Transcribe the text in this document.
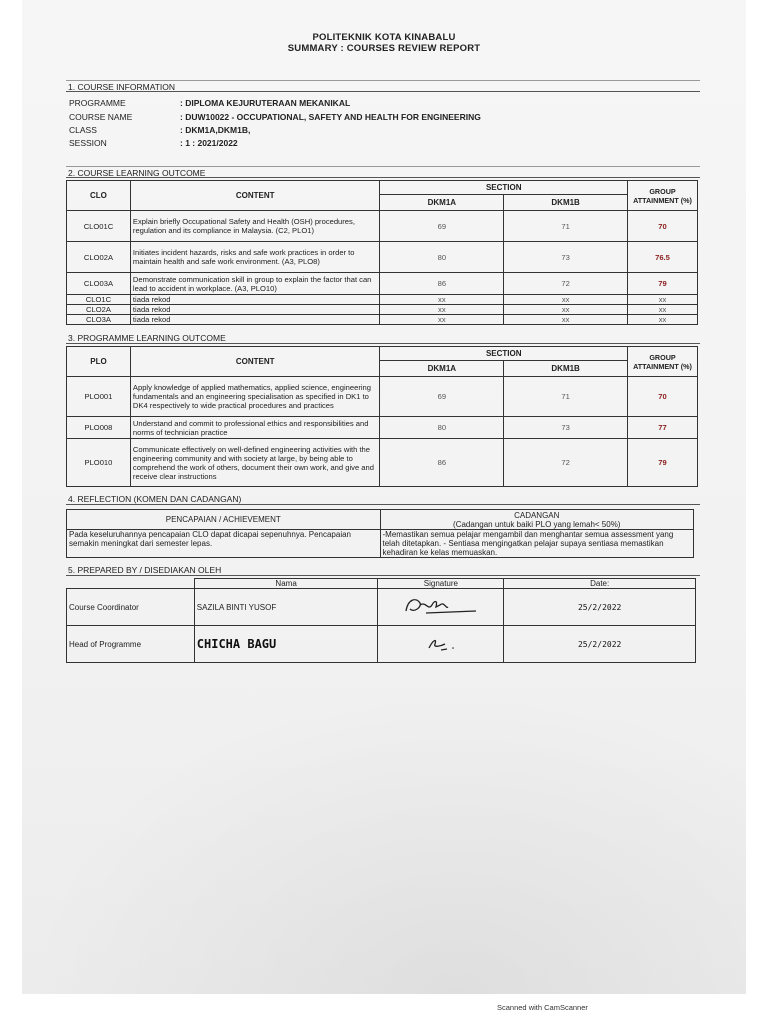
POLITEKNIK KOTA KINABALU
SUMMARY : COURSES REVIEW REPORT
1. COURSE INFORMATION
PROGRAMME	: DIPLOMA KEJURUTERAAN MEKANIKAL
COURSE NAME	: DUW10022 - OCCUPATIONAL, SAFETY AND HEALTH FOR ENGINEERING
CLASS	: DKM1A,DKM1B,
SESSION	: 1 : 2021/2022
2. COURSE LEARNING OUTCOME
CLO	CONTENT	SECTION		GROUP ATTAINMENT (%)
		DKM1A	DKM1B	
CLO01C	Explain briefly Occupational Safety and Health (OSH) procedures, regulation and its compliance in Malaysia. (C2, PLO1)	69	71	70
CLO02A	Initiates incident hazards, risks and safe work practices in order to maintain health and safe work environment. (A3, PLO8)	80	73	76.5
CLO03A	Demonstrate communication skill in group to explain the factor that can lead to accident in workplace. (A3, PLO10)	86	72	79
CLO1C	tiada rekod	xx	xx	xx
CLO2A	tiada rekod	xx	xx	xx
CLO3A	tiada rekod	xx	xx	xx
3. PROGRAMME LEARNING OUTCOME
PLO	CONTENT	SECTION		GROUP ATTAINMENT (%)
		DKM1A	DKM1B	
PLO001	Apply knowledge of applied mathematics, applied science, engineering fundamentals and an engineering specialisation as specified in DK1 to DK4 respectively to wide practical procedures and practices	69	71	70
PLO008	Understand and commit to professional ethics and responsibilities and norms of technician practice	80	73	77
PLO010	Communicate effectively on well-defined engineering activities with the engineering community and with society at large, by being able to comprehend the work of others, document their own work, and give and receive clear instructions	86	72	79
4. REFLECTION (KOMEN DAN CADANGAN)
PENCAPAIAN / ACHIEVEMENT	CADANGAN
(Cadangan untuk baiki PLO yang lemah< 50%)

Pada keseluruhannya pencapaian CLO dapat dicapai sepenuhnya. Pencapaian semakin meningkat dari semester lepas.	-Memastikan semua pelajar mengambil dan menghantar semua assessment yang telah ditetapkan. - Sentiasa mengingatkan pelajar supaya sentiasa memastikan kehadiran ke kelas memuaskan.
5. PREPARED BY / DISEDIAKAN OLEH
	Nama	Signature	Date:
Course Coordinator	SAZILA BINTI YUSOF		25/2/2022
Head of Programme	CHICHA BAGU		25/2/2022
Scanned with CamScanner
